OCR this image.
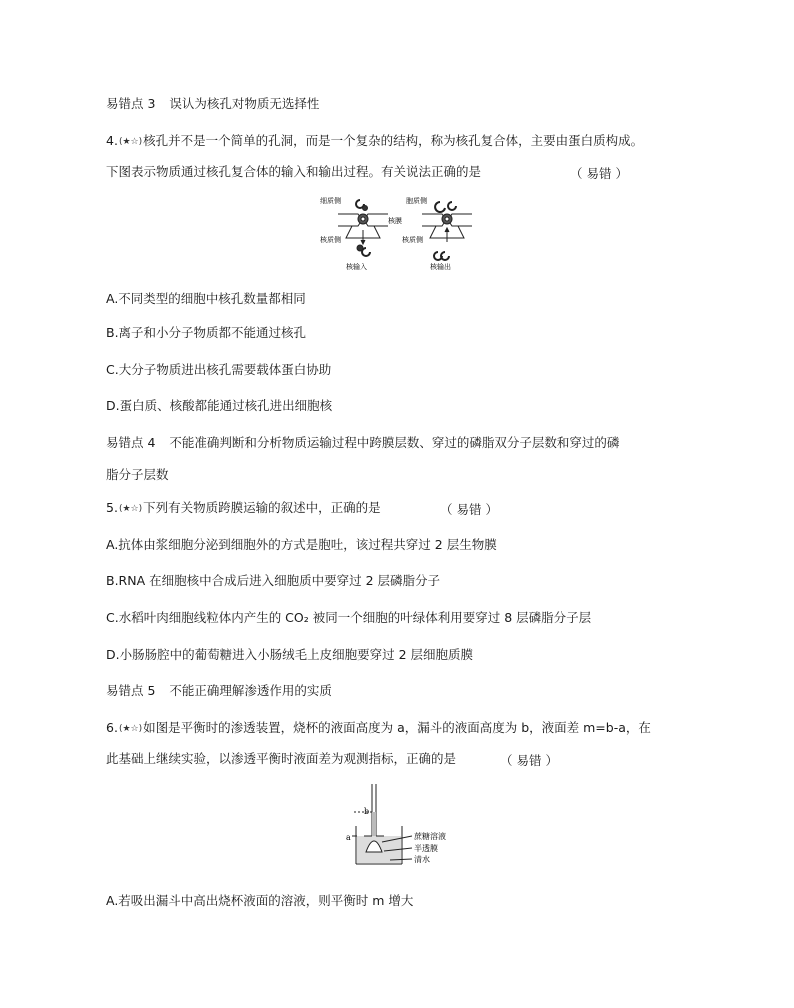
易错点 3 误认为核孔对物质无选择性
4.(★☆)核孔并不是一个简单的孔洞，而是一个复杂的结构，称为核孔复合体，主要由蛋白质构成。
下图表示物质通过核孔复合体的输入和输出过程。有关说法正确的是	（ 易错 ）
细质侧
核膜
核质侧
核输入
胞质侧
核质侧
核输出
A.不同类型的细胞中核孔数量都相同
B.离子和小分子物质都不能通过核孔
C.大分子物质进出核孔需要载体蛋白协助
D.蛋白质、核酸都能通过核孔进出细胞核
易错点 4 不能准确判断和分析物质运输过程中跨膜层数、穿过的磷脂双分子层数和穿过的磷
脂分子层数
5.(★☆)下列有关物质跨膜运输的叙述中，正确的是	（ 易错 ）
A.抗体由浆细胞分泌到细胞外的方式是胞吐，该过程共穿过 2 层生物膜
B.RNA 在细胞核中合成后进入细胞质中要穿过 2 层磷脂分子
C.水稻叶肉细胞线粒体内产生的 CO₂ 被同一个细胞的叶绿体利用要穿过 8 层磷脂分子层
D.小肠肠腔中的葡萄糖进入小肠绒毛上皮细胞要穿过 2 层细胞质膜
易错点 5 不能正确理解渗透作用的实质
6.(★☆)如图是平衡时的渗透装置，烧杯的液面高度为 a，漏斗的液面高度为 b，液面差 m=b-a，在
此基础上继续实验，以渗透平衡时液面差为观测指标，正确的是	（ 易错 ）
b
a	蔗糖溶液
半透膜
清水
A.若吸出漏斗中高出烧杯液面的溶液，则平衡时 m 增大
